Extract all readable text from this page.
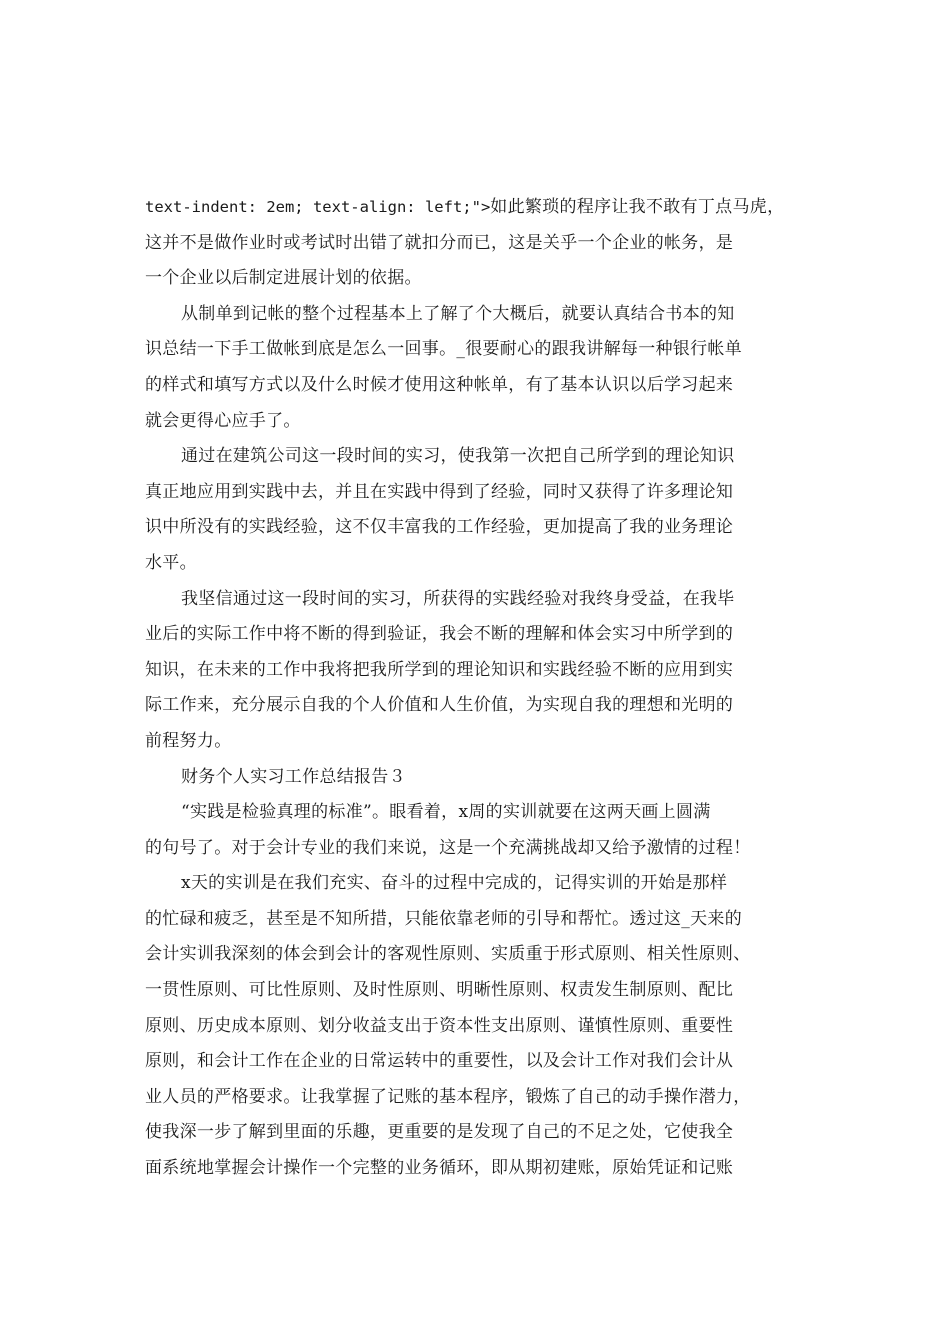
text-indent: 2em; text-align: left;">如此繁琐的程序让我不敢有丁点马虎，
这并不是做作业时或考试时出错了就扣分而已，这是关乎一个企业的帐务，是
一个企业以后制定进展计划的依据。
从制单到记帐的整个过程基本上了解了个大概后，就要认真结合书本的知
识总结一下手工做帐到底是怎么一回事。_很要耐心的跟我讲解每一种银行帐单
的样式和填写方式以及什么时候才使用这种帐单，有了基本认识以后学习起来
就会更得心应手了。
通过在建筑公司这一段时间的实习，使我第一次把自己所学到的理论知识
真正地应用到实践中去，并且在实践中得到了经验，同时又获得了许多理论知
识中所没有的实践经验，这不仅丰富我的工作经验，更加提高了我的业务理论
水平。
我坚信通过这一段时间的实习，所获得的实践经验对我终身受益，在我毕
业后的实际工作中将不断的得到验证，我会不断的理解和体会实习中所学到的
知识，在未来的工作中我将把我所学到的理论知识和实践经验不断的应用到实
际工作来，充分展示自我的个人价值和人生价值，为实现自我的理想和光明的
前程努力。
财务个人实习工作总结报告３
“实践是检验真理的标准”。眼看着，x周的实训就要在这两天画上圆满
的句号了。对于会计专业的我们来说，这是一个充满挑战却又给予激情的过程！
x天的实训是在我们充实、奋斗的过程中完成的，记得实训的开始是那样
的忙碌和疲乏，甚至是不知所措，只能依靠老师的引导和帮忙。透过这_天来的
会计实训我深刻的体会到会计的客观性原则、实质重于形式原则、相关性原则、
一贯性原则、可比性原则、及时性原则、明晰性原则、权责发生制原则、配比
原则、历史成本原则、划分收益支出于资本性支出原则、谨慎性原则、重要性
原则，和会计工作在企业的日常运转中的重要性，以及会计工作对我们会计从
业人员的严格要求。让我掌握了记账的基本程序，锻炼了自己的动手操作潜力，
使我深一步了解到里面的乐趣，更重要的是发现了自己的不足之处，它使我全
面系统地掌握会计操作一个完整的业务循环，即从期初建账，原始凭证和记账
